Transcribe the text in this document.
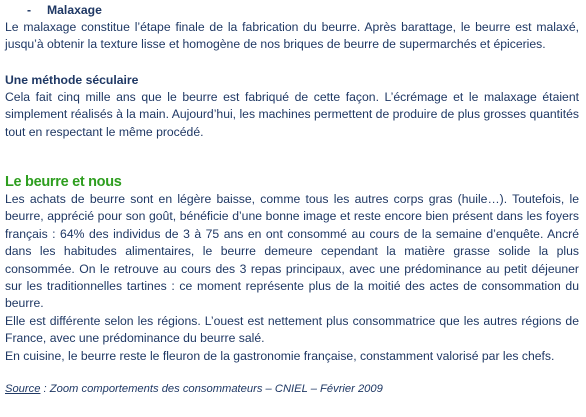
-	Malaxage

Le malaxage constitue l’étape finale de la fabrication du beurre. Après barattage, le beurre est malaxé, jusqu’à obtenir la texture lisse et homogène de nos briques de beurre de supermarchés et épiceries.

Une méthode séculaire

Cela fait cinq mille ans que le beurre est fabriqué de cette façon. L’écrémage et le malaxage étaient simplement réalisés à la main. Aujourd’hui, les machines permettent de produire de plus grosses quantités tout en respectant le même procédé.

Le beurre et nous

Les achats de beurre sont en légère baisse, comme tous les autres corps gras (huile…). Toutefois, le beurre, apprécié pour son goût, bénéficie d’une bonne image et reste encore bien présent dans les foyers français : 64% des individus de 3 à 75 ans en ont consommé au cours de la semaine d’enquête. Ancré dans les habitudes alimentaires, le beurre demeure cependant la matière grasse solide la plus consommée. On le retrouve au cours des 3 repas principaux, avec une prédominance au petit déjeuner sur les traditionnelles tartines : ce moment représente plus de la moitié des actes de consommation du beurre.

Elle est différente selon les régions. L’ouest est nettement plus consommatrice que les autres régions de France, avec une prédominance du beurre salé.

En cuisine, le beurre reste le fleuron de la gastronomie française, constamment valorisé par les chefs.

Source : Zoom comportements des consommateurs – CNIEL – Février 2009
